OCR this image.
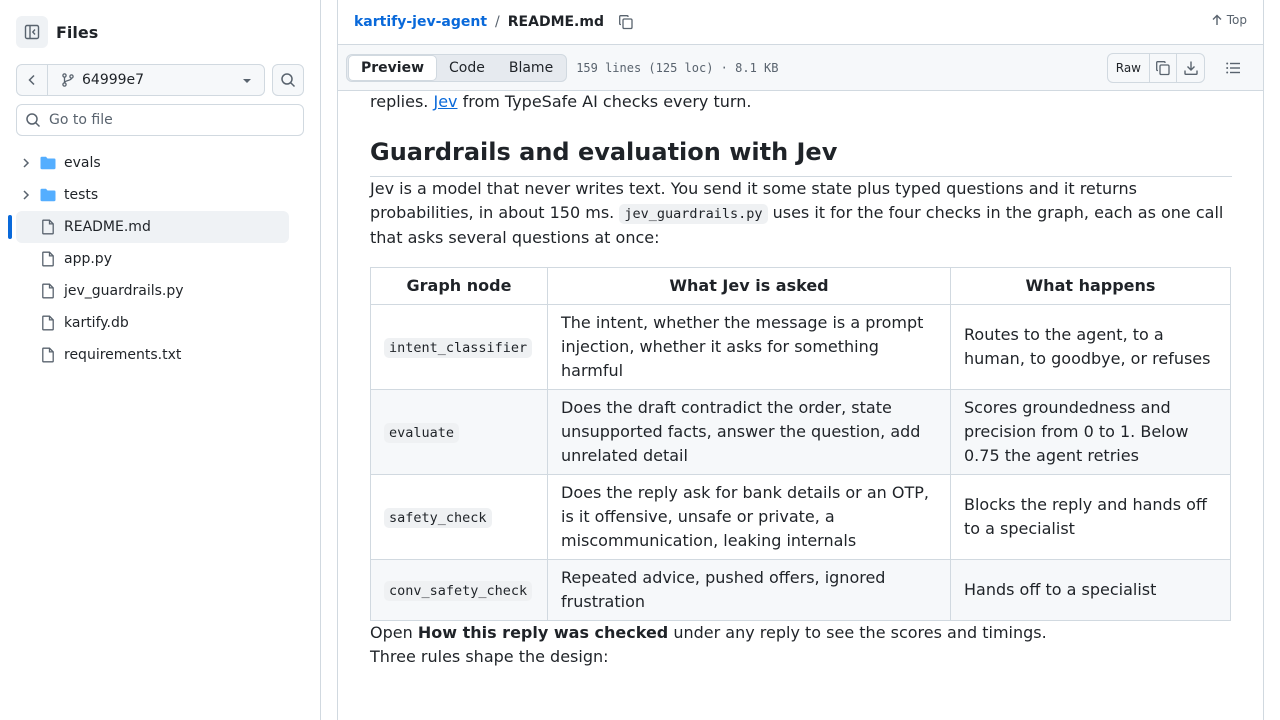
Files
64999e7
Go to file
evals
tests
README.md
app.py
jev_guardrails.py
kartify.db
requirements.txt
kartify-jev-agent / README.md	Top
Preview	Code	Blame	159 lines (125 loc) · 8.1 KB	Raw

replies. Jev from TypeSafe AI checks every turn.

Guardrails and evaluation with Jev

Jev is a model that never writes text. You send it some state plus typed questions and it returns probabilities, in about 150 ms. jev_guardrails.py uses it for the four checks in the graph, each as one call that asks several questions at once:

Graph node	What Jev is asked	What happens
intent_classifier	The intent, whether the message is a prompt injection, whether it asks for something harmful	Routes to the agent, to a human, to goodbye, or refuses
evaluate	Does the draft contradict the order, state unsupported facts, answer the question, add unrelated detail	Scores groundedness and precision from 0 to 1. Below 0.75 the agent retries
safety_check	Does the reply ask for bank details or an OTP, is it offensive, unsafe or private, a miscommunication, leaking internals	Blocks the reply and hands off to a specialist
conv_safety_check	Repeated advice, pushed offers, ignored frustration	Hands off to a specialist

Open How this reply was checked under any reply to see the scores and timings.

Three rules shape the design:
